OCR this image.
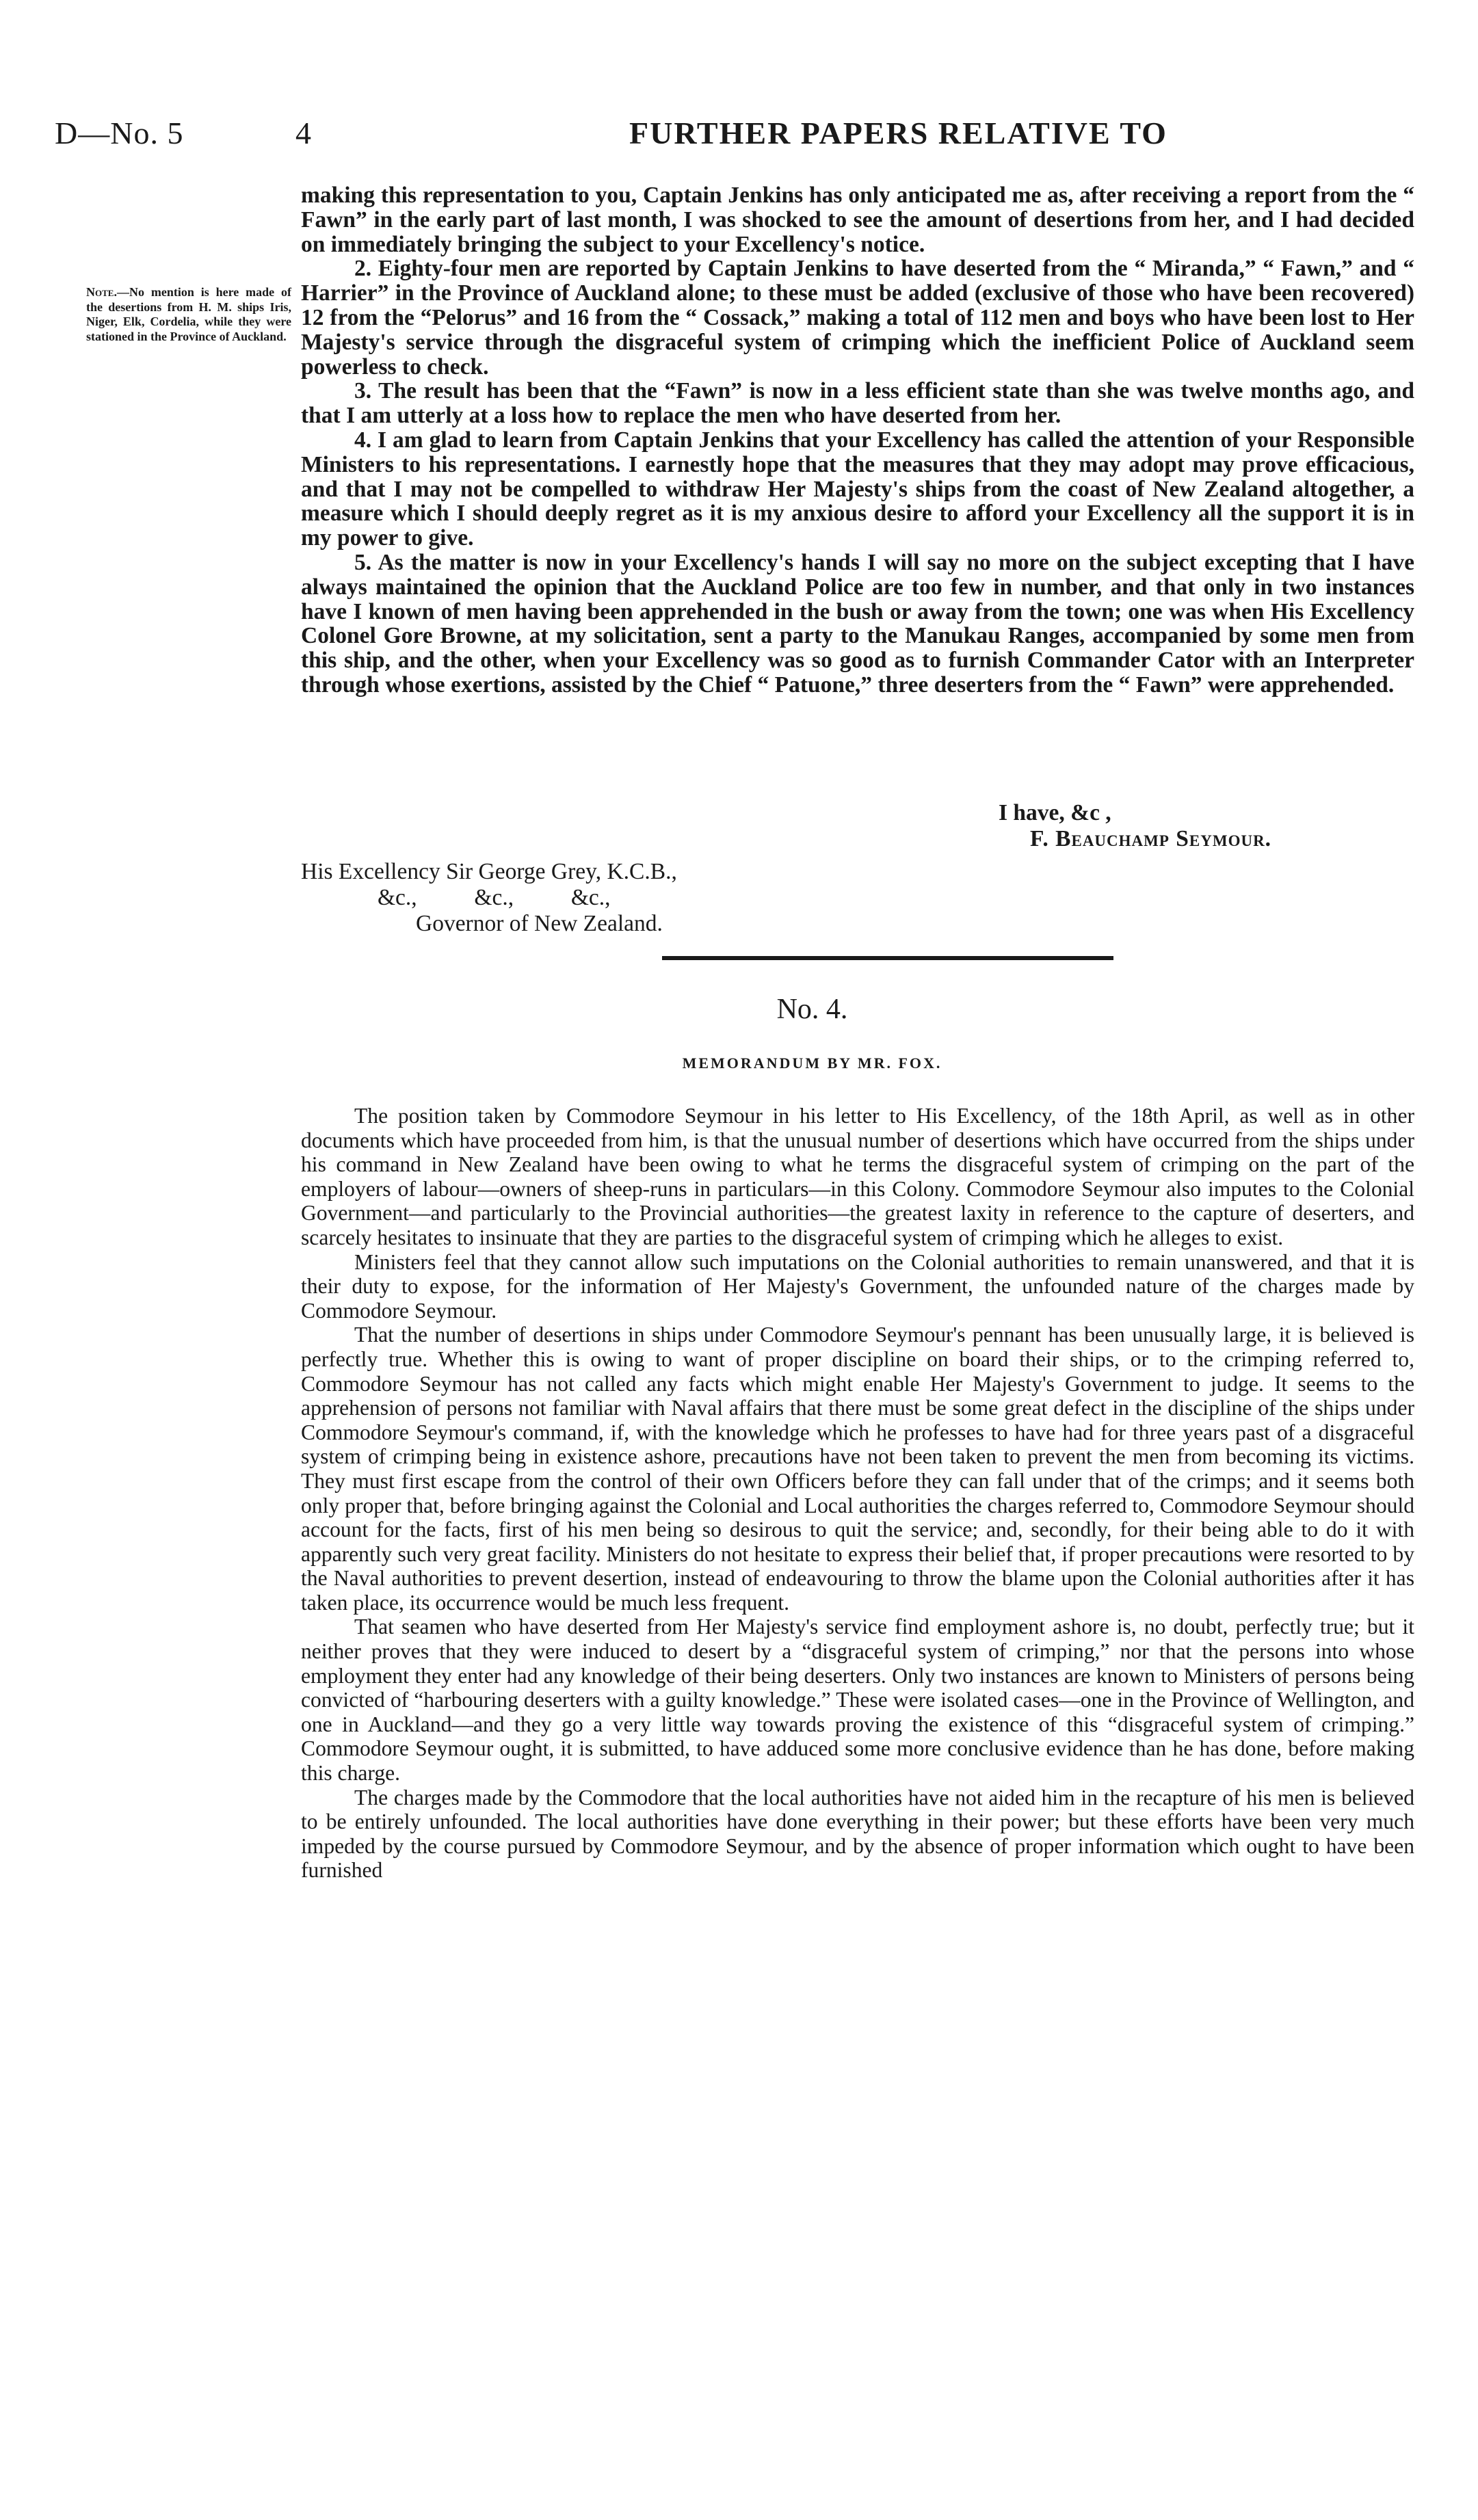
D—No. 5	4	FURTHER PAPERS RELATIVE TO
Note.—No mention is here made of the desertions from H. M. ships Iris, Niger, Elk, Cordelia, while they were stationed in the Province of Auckland.

making this representation to you, Captain Jenkins has only anticipated me as, after receiving a report from the “ Fawn” in the early part of last month, I was shocked to see the amount of desertions from her, and I had decided on immediately bringing the subject to your Excellency's notice.

2. Eighty-four men are reported by Captain Jenkins to have deserted from the “ Miranda,” “ Fawn,” and “ Harrier” in the Province of Auckland alone; to these must be added (exclusive of those who have been recovered) 12 from the “Pelorus” and 16 from the “ Cossack,” making a total of 112 men and boys who have been lost to Her Majesty's service through the disgraceful system of crimping which the inefficient Police of Auckland seem powerless to check.

3. The result has been that the “Fawn” is now in a less efficient state than she was twelve months ago, and that I am utterly at a loss how to replace the men who have deserted from her.

4. I am glad to learn from Captain Jenkins that your Excellency has called the attention of your Responsible Ministers to his representations. I earnestly hope that the measures that they may adopt may prove efficacious, and that I may not be compelled to withdraw Her Majesty's ships from the coast of New Zealand altogether, a measure which I should deeply regret as it is my anxious desire to afford your Excellency all the support it is in my power to give.

5. As the matter is now in your Excellency's hands I will say no more on the subject excepting that I have always maintained the opinion that the Auckland Police are too few in number, and that only in two instances have I known of men having been apprehended in the bush or away from the town; one was when His Excellency Colonel Gore Browne, at my solicitation, sent a party to the Manukau Ranges, accompanied by some men from this ship, and the other, when your Excellency was so good as to furnish Commander Cator with an Interpreter through whose exertions, assisted by the Chief “ Patuone,” three deserters from the “ Fawn” were apprehended.

I have, &c ,
F. Beauchamp Seymour.
His Excellency Sir George Grey, K.C.B.,
&c.,          &c.,          &c.,
Governor of New Zealand.
No. 4.
MEMORANDUM BY MR. FOX.

The position taken by Commodore Seymour in his letter to His Excellency, of the 18th April, as well as in other documents which have proceeded from him, is that the unusual number of desertions which have occurred from the ships under his command in New Zealand have been owing to what he terms the disgraceful system of crimping on the part of the employers of labour—owners of sheep-runs in particulars—in this Colony. Commodore Seymour also imputes to the Colonial Government—and particularly to the Provincial authorities—the greatest laxity in reference to the capture of deserters, and scarcely hesitates to insinuate that they are parties to the disgraceful system of crimping which he alleges to exist.

Ministers feel that they cannot allow such imputations on the Colonial authorities to remain unanswered, and that it is their duty to expose, for the information of Her Majesty's Government, the unfounded nature of the charges made by Commodore Seymour.

That the number of desertions in ships under Commodore Seymour's pennant has been unusually large, it is believed is perfectly true. Whether this is owing to want of proper discipline on board their ships, or to the crimping referred to, Commodore Seymour has not called any facts which might enable Her Majesty's Government to judge. It seems to the apprehension of persons not familiar with Naval affairs that there must be some great defect in the discipline of the ships under Commodore Seymour's command, if, with the knowledge which he professes to have had for three years past of a disgraceful system of crimping being in existence ashore, precautions have not been taken to prevent the men from becoming its victims. They must first escape from the control of their own Officers before they can fall under that of the crimps; and it seems both only proper that, before bringing against the Colonial and Local authorities the charges referred to, Commodore Seymour should account for the facts, first of his men being so desirous to quit the service; and, secondly, for their being able to do it with apparently such very great facility. Ministers do not hesitate to express their belief that, if proper precautions were resorted to by the Naval authorities to prevent desertion, instead of endeavouring to throw the blame upon the Colonial authorities after it has taken place, its occurrence would be much less frequent.

That seamen who have deserted from Her Majesty's service find employment ashore is, no doubt, perfectly true; but it neither proves that they were induced to desert by a “disgraceful system of crimping,” nor that the persons into whose employment they enter had any knowledge of their being deserters. Only two instances are known to Ministers of persons being convicted of “harbouring deserters with a guilty knowledge.” These were isolated cases—one in the Province of Wellington, and one in Auckland—and they go a very little way towards proving the existence of this “disgraceful system of crimping.” Commodore Seymour ought, it is submitted, to have adduced some more conclusive evidence than he has done, before making this charge.

The charges made by the Commodore that the local authorities have not aided him in the recapture of his men is believed to be entirely unfounded. The local authorities have done everything in their power; but these efforts have been very much impeded by the course pursued by Commodore Seymour, and by the absence of proper information which ought to have been furnished
